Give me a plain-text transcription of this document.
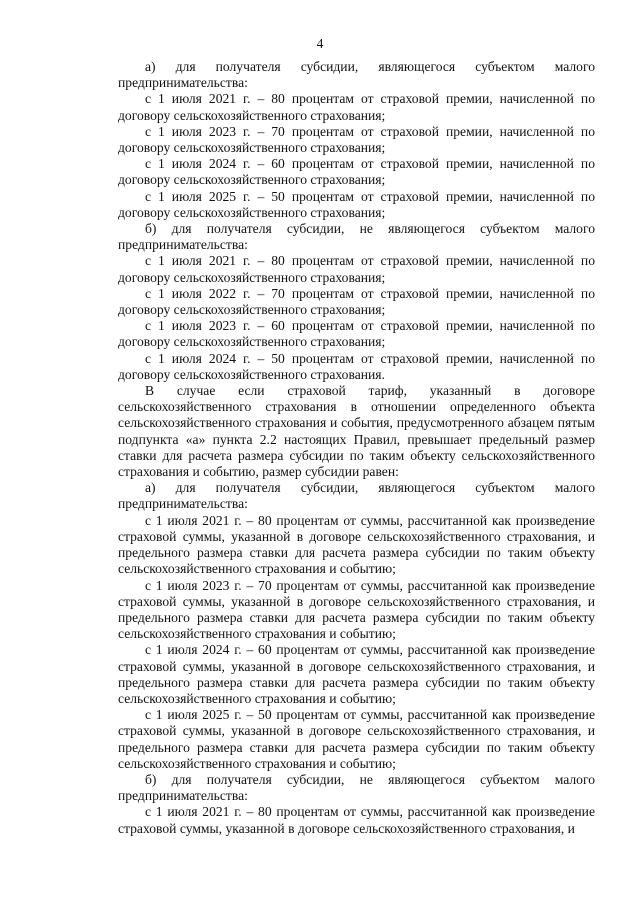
4

а) для получателя субсидии, являющегося субъектом малого предпринимательства:

с 1 июля 2021 г. – 80 процентам от страховой премии, начисленной по договору сельскохозяйственного страхования;

с 1 июля 2023 г. – 70 процентам от страховой премии, начисленной по договору сельскохозяйственного страхования;

с 1 июля 2024 г. – 60 процентам от страховой премии, начисленной по договору сельскохозяйственного страхования;

с 1 июля 2025 г. – 50 процентам от страховой премии, начисленной по договору сельскохозяйственного страхования;

б) для получателя субсидии, не являющегося субъектом малого предпринимательства:

с 1 июля 2021 г. – 80 процентам от страховой премии, начисленной по договору сельскохозяйственного страхования;

с 1 июля 2022 г. – 70 процентам от страховой премии, начисленной по договору сельскохозяйственного страхования;

с 1 июля 2023 г. – 60 процентам от страховой премии, начисленной по договору сельскохозяйственного страхования;

с 1 июля 2024 г. – 50 процентам от страховой премии, начисленной по договору сельскохозяйственного страхования.

В случае если страховой тариф, указанный в договоре сельскохозяйственного страхования в отношении определенного объекта сельскохозяйственного страхования и события, предусмотренного абзацем пятым подпункта «а» пункта 2.2 настоящих Правил, превышает предельный размер ставки для расчета размера субсидии по таким объекту сельскохозяйственного страхования и событию, размер субсидии равен:

а) для получателя субсидии, являющегося субъектом малого предпринимательства:

с 1 июля 2021 г. – 80 процентам от суммы, рассчитанной как произведение страховой суммы, указанной в договоре сельскохозяйственного страхования, и предельного размера ставки для расчета размера субсидии по таким объекту сельскохозяйственного страхования и событию;

с 1 июля 2023 г. – 70 процентам от суммы, рассчитанной как произведение страховой суммы, указанной в договоре сельскохозяйственного страхования, и предельного размера ставки для расчета размера субсидии по таким объекту сельскохозяйственного страхования и событию;

с 1 июля 2024 г. – 60 процентам от суммы, рассчитанной как произведение страховой суммы, указанной в договоре сельскохозяйственного страхования, и предельного размера ставки для расчета размера субсидии по таким объекту сельскохозяйственного страхования и событию;

с 1 июля 2025 г. – 50 процентам от суммы, рассчитанной как произведение страховой суммы, указанной в договоре сельскохозяйственного страхования, и предельного размера ставки для расчета размера субсидии по таким объекту сельскохозяйственного страхования и событию;

б) для получателя субсидии, не являющегося субъектом малого предпринимательства:

с 1 июля 2021 г. – 80 процентам от суммы, рассчитанной как произведение страховой суммы, указанной в договоре сельскохозяйственного страхования, и
